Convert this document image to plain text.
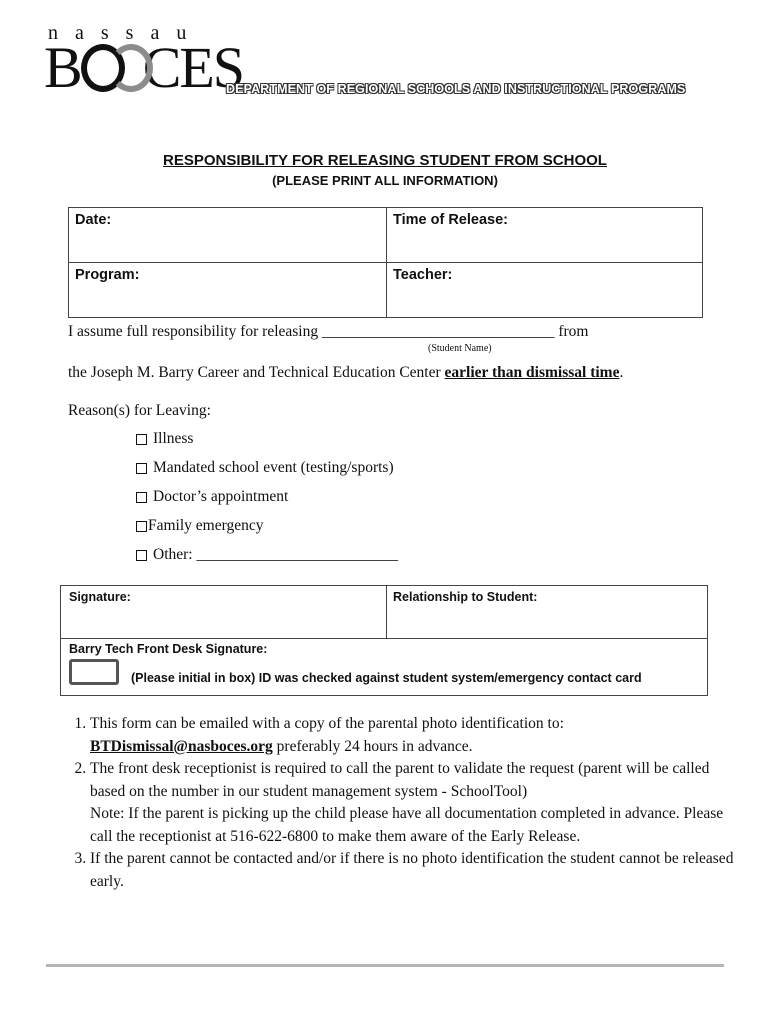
nassau
B CES
DEPARTMENT OF REGIONAL SCHOOLS AND INSTRUCTIONAL PROGRAMS
RESPONSIBILITY FOR RELEASING STUDENT FROM SCHOOL
(PLEASE PRINT ALL INFORMATION)
Date:	Time of Release:
Program:	Teacher:
I assume full responsibility for releasing ______________________________ from
(Student Name)
the Joseph M. Barry Career and Technical Education Center earlier than dismissal time.
Reason(s) for Leaving:
Illness
Mandated school event (testing/sports)
Doctor’s appointment
Family emergency
Other: __________________________
Signature:	Relationship to Student:
Barry Tech Front Desk Signature:
(Please initial in box) ID was checked against student system/emergency contact card
1. This form can be emailed with a copy of the parental photo identification to:
BTDismissal@nasboces.org preferably 24 hours in advance.
2. The front desk receptionist is required to call the parent to validate the request (parent will be called based on the number in our student management system - SchoolTool)
Note: If the parent is picking up the child please have all documentation completed in advance. Please call the receptionist at 516-622-6800 to make them aware of the Early Release.
3. If the parent cannot be contacted and/or if there is no photo identification the student cannot be released early.
